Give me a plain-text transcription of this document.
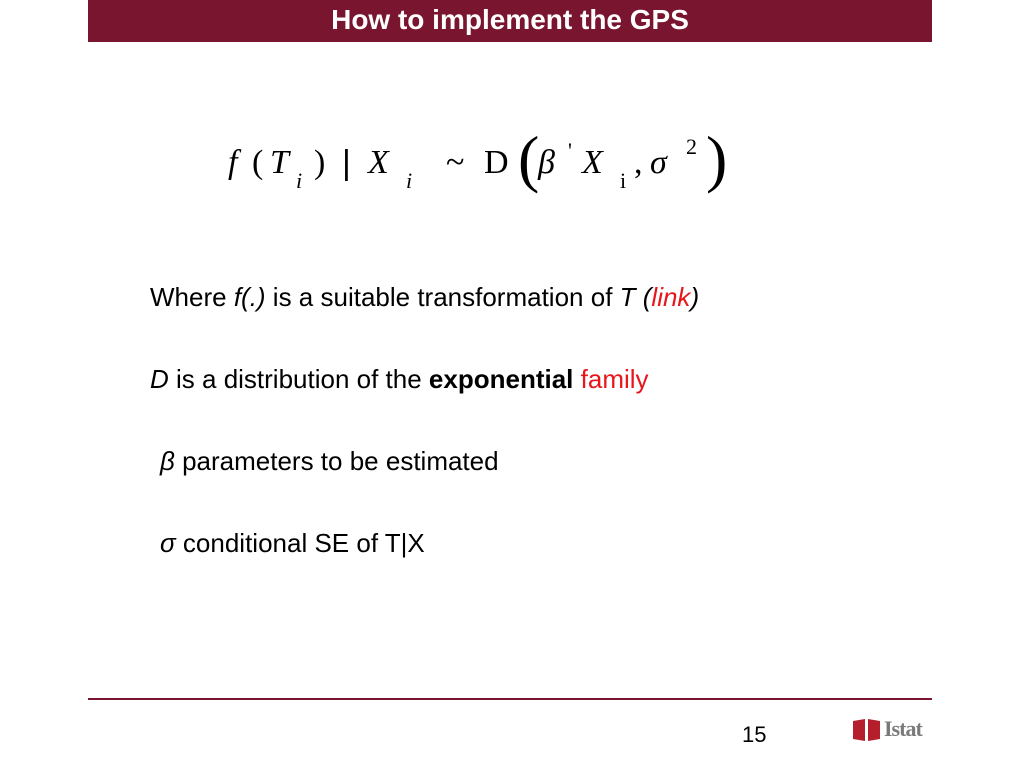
How to implement the GPS
f ( T i ) | X i ~ D (
β ' X i , σ 2 )
Where f(.) is a suitable transformation of T (link)
D is a distribution of the exponential family
β parameters to be estimated
σ conditional SE of T|X
15	Istat
